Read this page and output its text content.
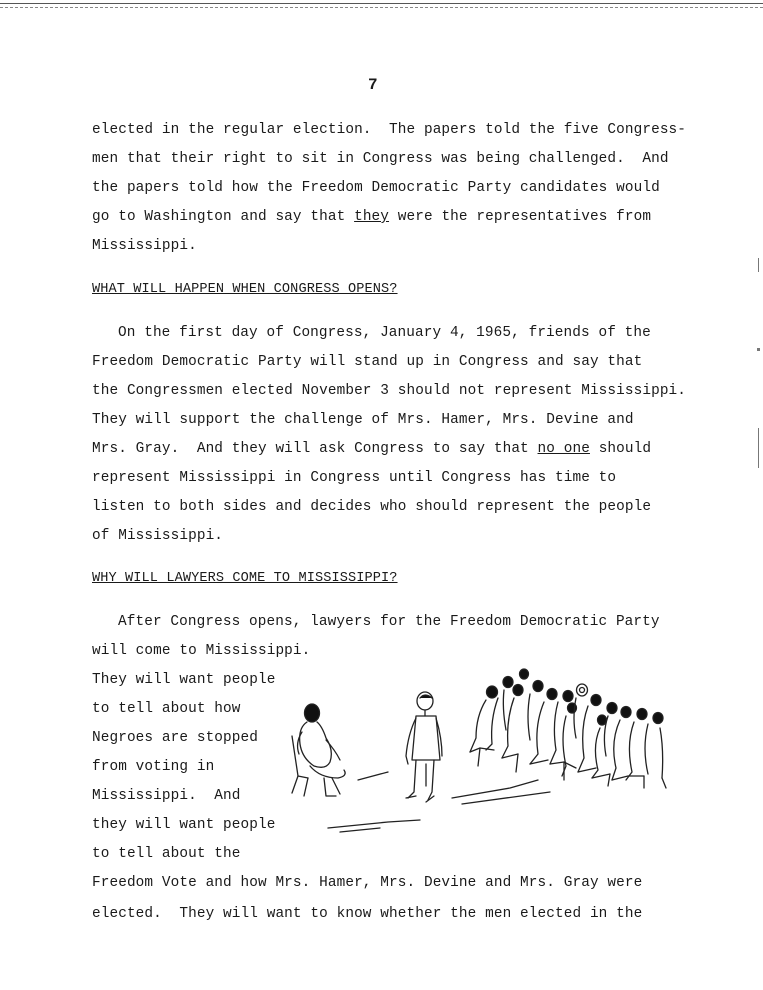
7
elected in the regular election.  The papers told the five Congress-
men that their right to sit in Congress was being challenged.  And
the papers told how the Freedom Democratic Party candidates would
go to Washington and say that they were the representatives from
Mississippi.
WHAT WILL HAPPEN WHEN CONGRESS OPENS?
On the first day of Congress, January 4, 1965, friends of the
Freedom Democratic Party will stand up in Congress and say that
the Congressmen elected November 3 should not represent Mississippi.
They will support the challenge of Mrs. Hamer, Mrs. Devine and
Mrs. Gray.  And they will ask Congress to say that no one should
represent Mississippi in Congress until Congress has time to
listen to both sides and decides who should represent the people
of Mississippi.
WHY WILL LAWYERS COME TO MISSISSIPPI?
After Congress opens, lawyers for the Freedom Democratic Party
will come to Mississippi.
They will want people
to tell about how
Negroes are stopped
from voting in
Mississippi.  And
they will want people
to tell about the
Freedom Vote and how Mrs. Hamer, Mrs. Devine and Mrs. Gray were
elected.  They will want to know whether the men elected in the
